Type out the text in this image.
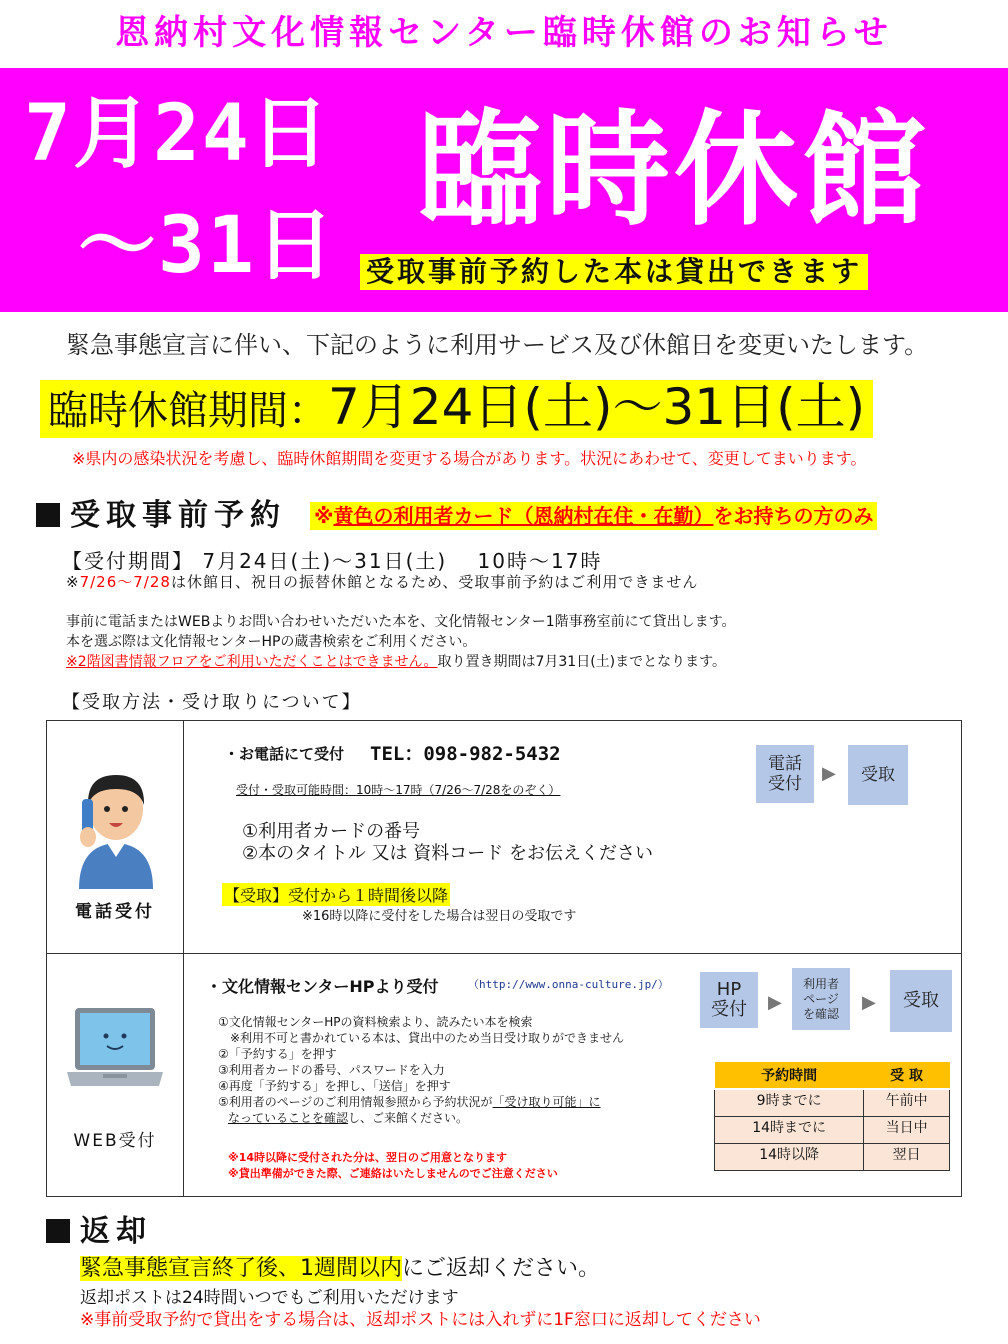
恩納村文化情報センター臨時休館のお知らせ
7月24日
～31日
臨時休館
受取事前予約した本は貸出できます
緊急事態宣言に伴い、下記のように利用サービス及び休館日を変更いたします。
臨時休館期間：7月24日(土)～31日(土)
※県内の感染状況を考慮し、臨時休館期間を変更する場合があります。状況にあわせて、変更してまいります。
受取事前予約 ※黄色の利用者カード（恩納村在住・在勤）をお持ちの方のみ
【受付期間】 7月24日(土)～31日(土)　 10時～17時
※7/26～7/28は休館日、祝日の振替休館となるため、受取事前予約はご利用できません
事前に電話またはWEBよりお問い合わせいただいた本を、文化情報センター1階事務室前にて貸出します。
本を選ぶ際は文化情報センターHPの蔵書検索をご利用ください。
※2階図書情報フロアをご利用いただくことはできません。取り置き期間は7月31日(土)までとなります。
【受取方法・受け取りについて】
電話受付

・お電話にて受付 TEL：098-982-5432
受付・受取可能時間：10時～17時（7/26～7/28をのぞく）
①利用者カードの番号
②本のタイトル 又は 資料コード をお伝えください
【受取】受付から１時間後以降
※16時以降に受付をした場合は翌日の受取です
電話
受付	▶	受取

WEB受付

・文化情報センターHPより受付	（http://www.onna-culture.jp/）
①文化情報センターHPの資料検索より、読みたい本を検索
※利用不可と書かれている本は、貸出中のため当日受け取りができません
②「予約する」を押す
③利用者カードの番号、パスワードを入力
④再度「予約する」を押し、「送信」を押す
⑤利用者のページのご利用情報参照から予約状況が「受け取り可能」に
なっていることを確認し、ご来館ください。
※14時以降に受付された分は、翌日のご用意となります
※貸出準備ができた際、ご連絡はいたしませんのでご注意ください
HP
受付	▶
利用者
ページ
を確認
▶	受取
予約時間	受 取
9時までに	午前中
14時までに	当日中
14時以降	翌日
返却
緊急事態宣言終了後、1週間以内にご返却ください。
返却ポストは24時間いつでもご利用いただけます
※事前受取予約で貸出をする場合は、返却ポストには入れずに1F窓口に返却してください
